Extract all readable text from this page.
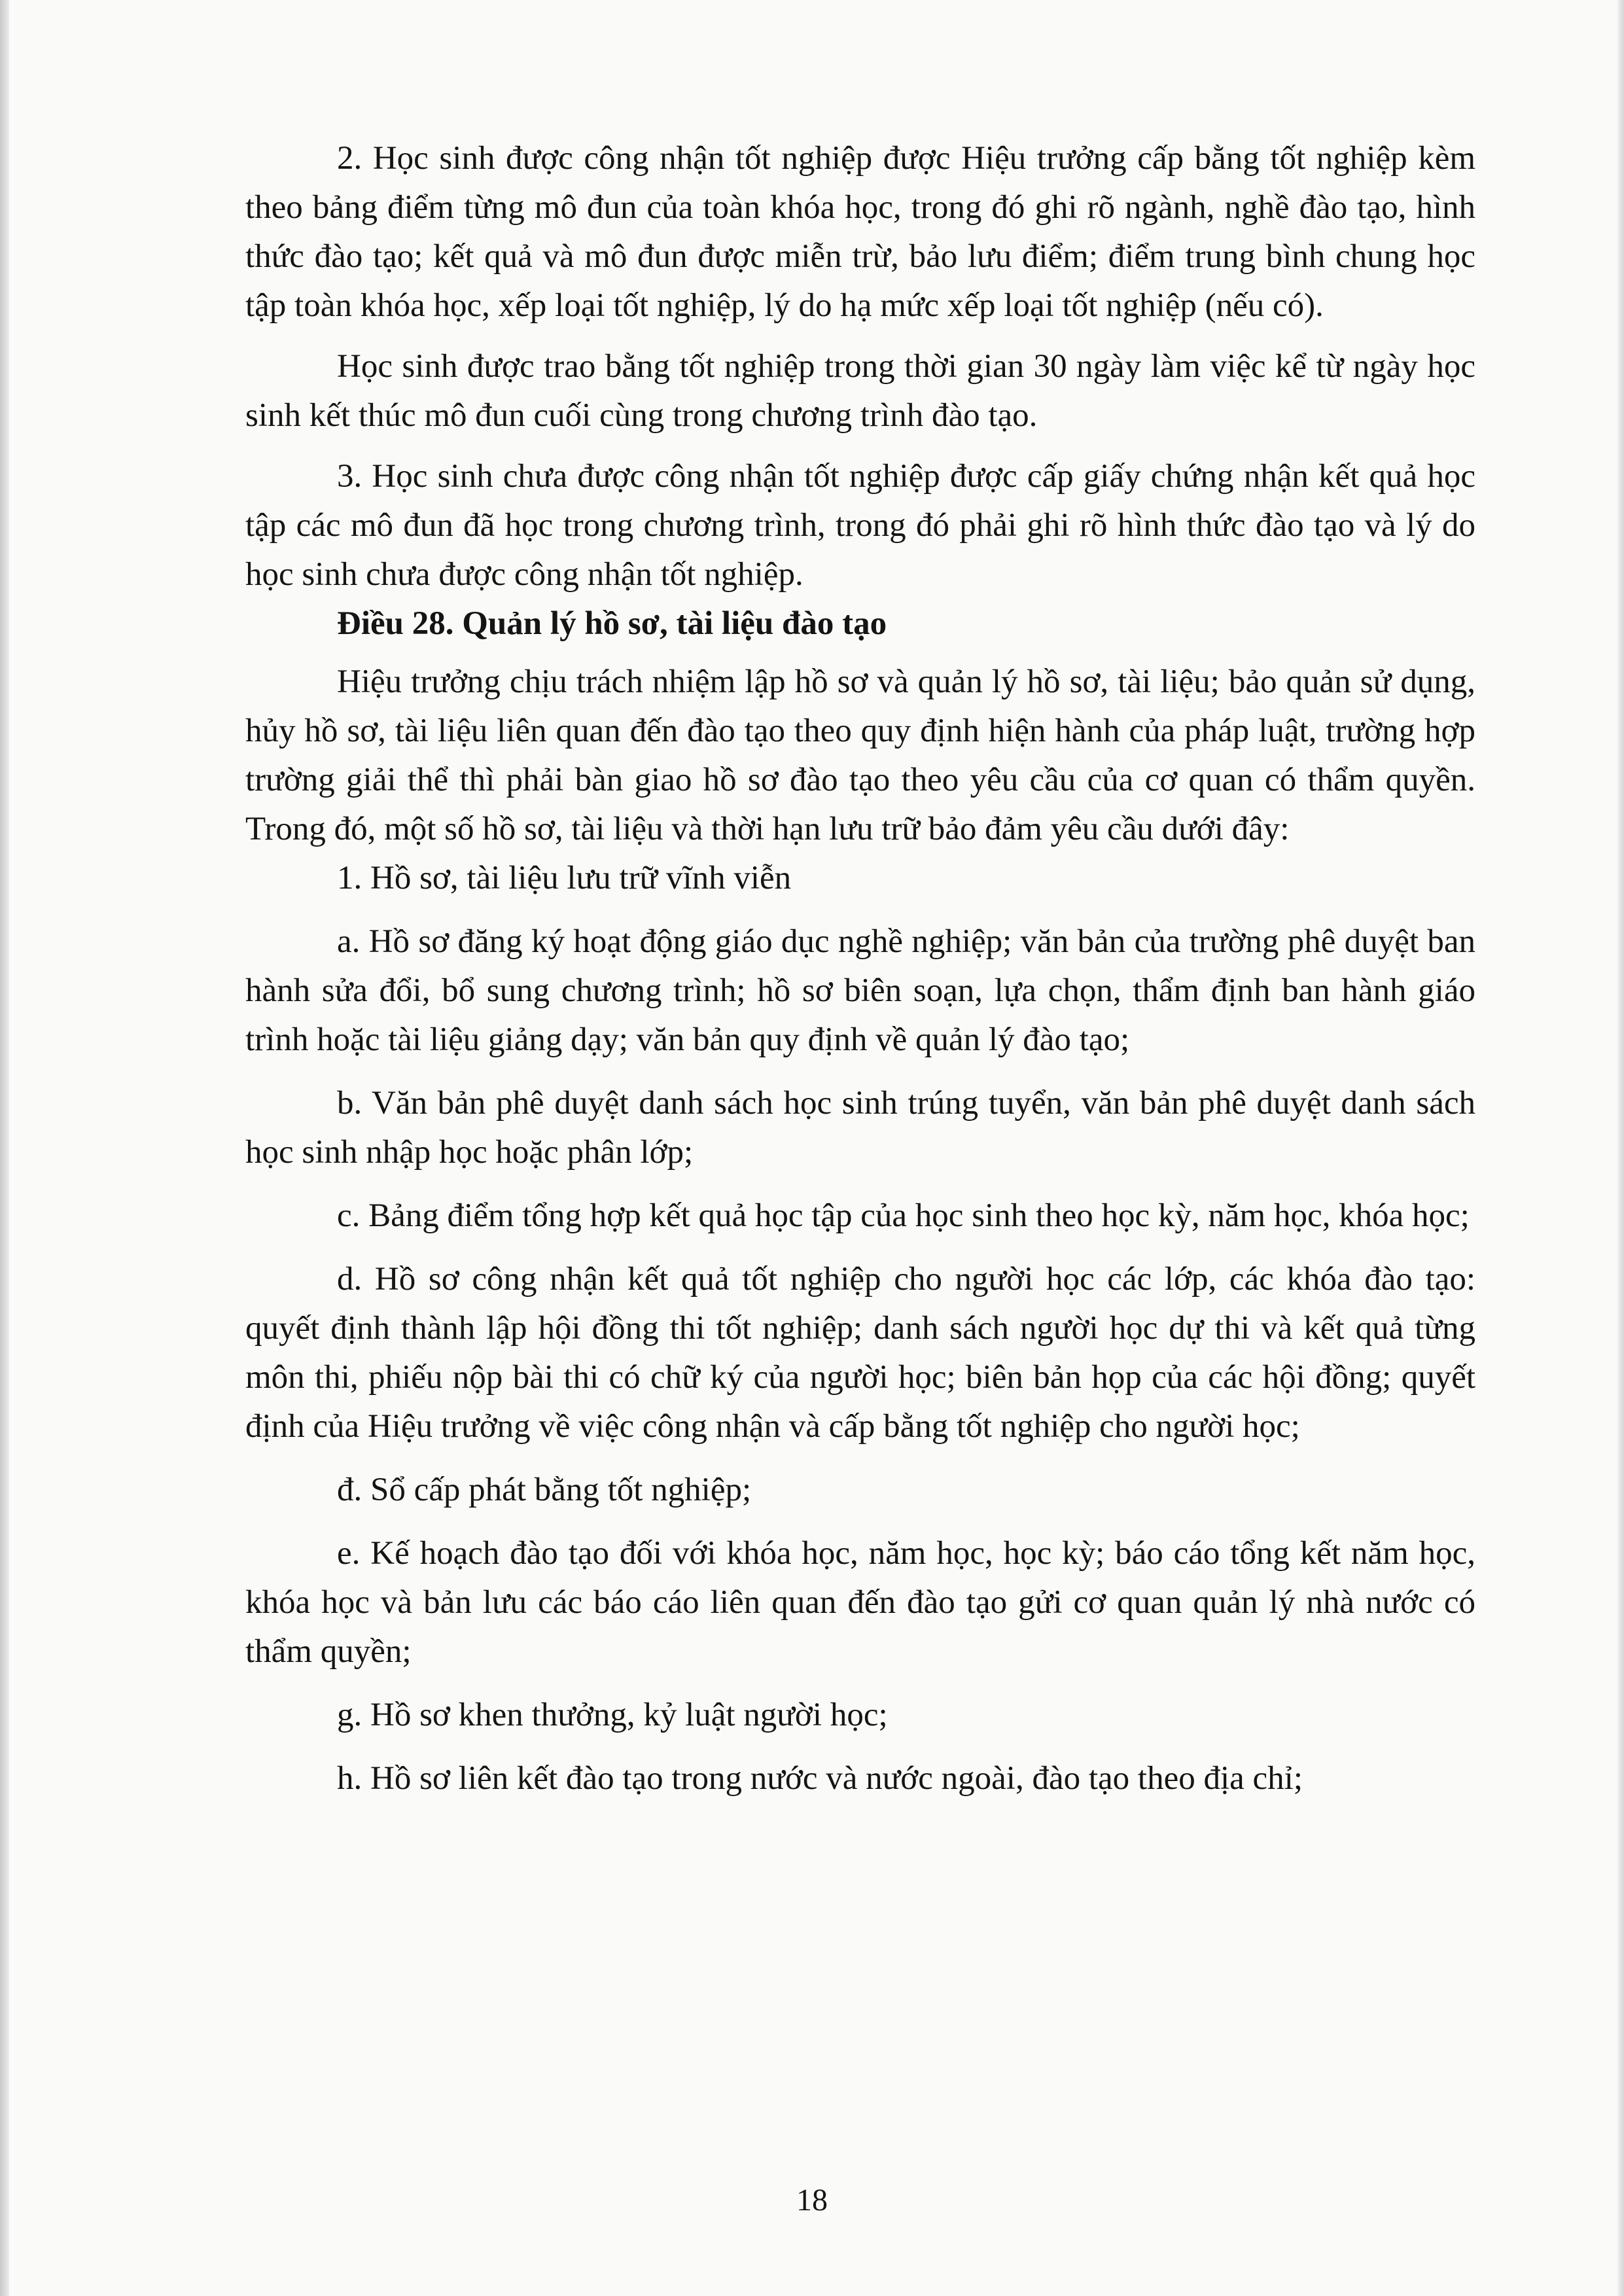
2. Học sinh được công nhận tốt nghiệp được Hiệu trưởng cấp bằng tốt nghiệp kèm theo bảng điểm từng mô đun của toàn khóa học, trong đó ghi rõ ngành, nghề đào tạo, hình thức đào tạo; kết quả và mô đun được miễn trừ, bảo lưu điểm; điểm trung bình chung học tập toàn khóa học, xếp loại tốt nghiệp, lý do hạ mức xếp loại tốt nghiệp (nếu có).

Học sinh được trao bằng tốt nghiệp trong thời gian 30 ngày làm việc kể từ ngày học sinh kết thúc mô đun cuối cùng trong chương trình đào tạo.

3. Học sinh chưa được công nhận tốt nghiệp được cấp giấy chứng nhận kết quả học tập các mô đun đã học trong chương trình, trong đó phải ghi rõ hình thức đào tạo và lý do học sinh chưa được công nhận tốt nghiệp.

Điều 28. Quản lý hồ sơ, tài liệu đào tạo

Hiệu trưởng chịu trách nhiệm lập hồ sơ và quản lý hồ sơ, tài liệu; bảo quản sử dụng, hủy hồ sơ, tài liệu liên quan đến đào tạo theo quy định hiện hành của pháp luật, trường hợp trường giải thể thì phải bàn giao hồ sơ đào tạo theo yêu cầu của cơ quan có thẩm quyền. Trong đó, một số hồ sơ, tài liệu và thời hạn lưu trữ bảo đảm yêu cầu dưới đây:

1. Hồ sơ, tài liệu lưu trữ vĩnh viễn

a. Hồ sơ đăng ký hoạt động giáo dục nghề nghiệp; văn bản của trường phê duyệt ban hành sửa đổi, bổ sung chương trình; hồ sơ biên soạn, lựa chọn, thẩm định ban hành giáo trình hoặc tài liệu giảng dạy; văn bản quy định về quản lý đào tạo;

b. Văn bản phê duyệt danh sách học sinh trúng tuyển, văn bản phê duyệt danh sách học sinh nhập học hoặc phân lớp;

c. Bảng điểm tổng hợp kết quả học tập của học sinh theo học kỳ, năm học, khóa học;

d. Hồ sơ công nhận kết quả tốt nghiệp cho người học các lớp, các khóa đào tạo: quyết định thành lập hội đồng thi tốt nghiệp; danh sách người học dự thi và kết quả từng môn thi, phiếu nộp bài thi có chữ ký của người học; biên bản họp của các hội đồng; quyết định của Hiệu trưởng về việc công nhận và cấp bằng tốt nghiệp cho người học;

đ. Sổ cấp phát bằng tốt nghiệp;

e. Kế hoạch đào tạo đối với khóa học, năm học, học kỳ; báo cáo tổng kết năm học, khóa học và bản lưu các báo cáo liên quan đến đào tạo gửi cơ quan quản lý nhà nước có thẩm quyền;

g. Hồ sơ khen thưởng, kỷ luật người học;

h. Hồ sơ liên kết đào tạo trong nước và nước ngoài, đào tạo theo địa chỉ;

18
